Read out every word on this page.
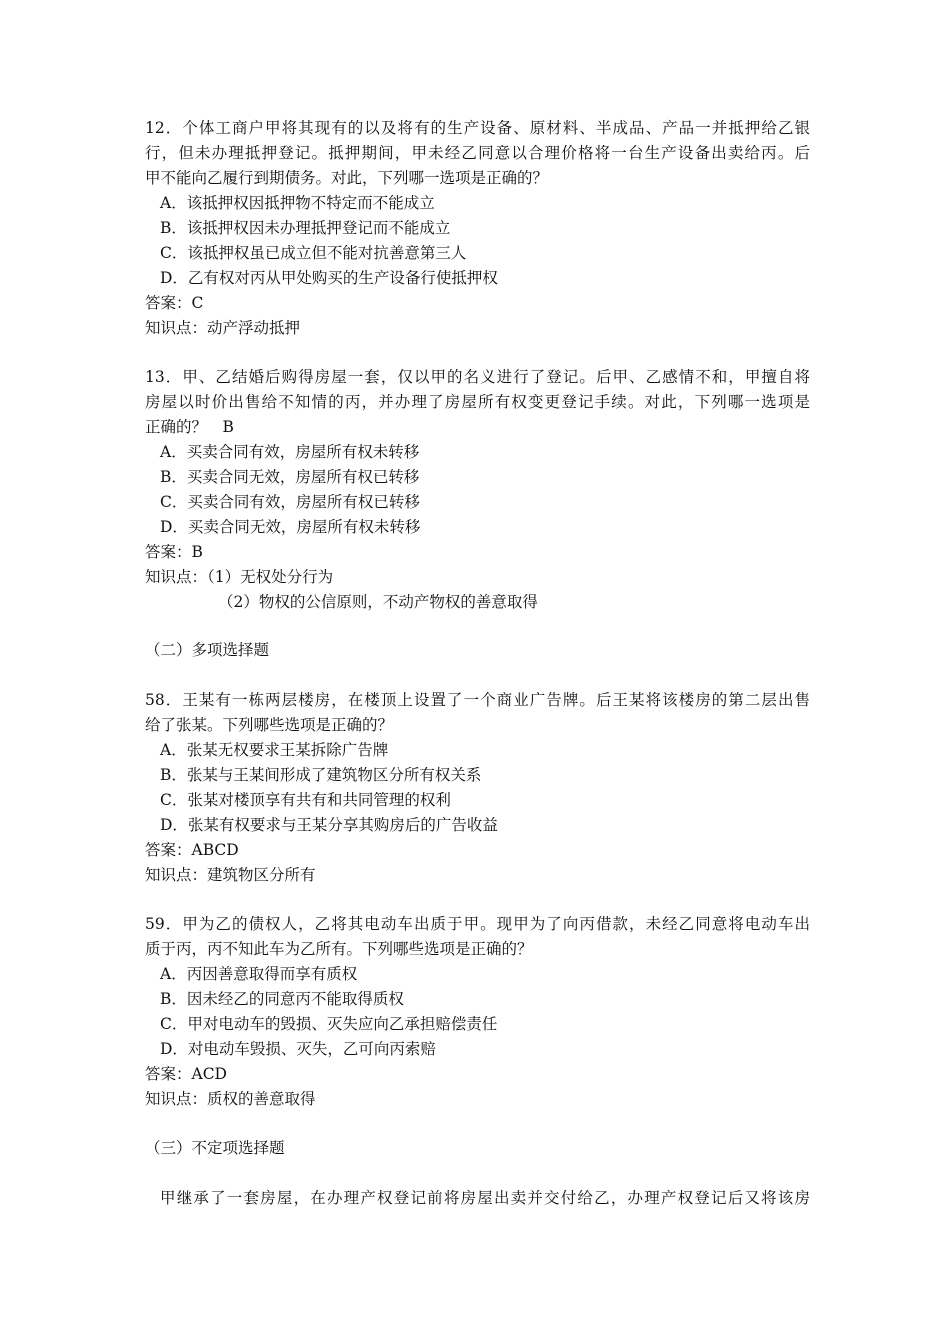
12．个体工商户甲将其现有的以及将有的生产设备、原材料、半成品、产品一并抵押给乙银
行，但未办理抵押登记。抵押期间，甲未经乙同意以合理价格将一台生产设备出卖给丙。后
甲不能向乙履行到期债务。对此，下列哪一选项是正确的？
A．该抵押权因抵押物不特定而不能成立
B．该抵押权因未办理抵押登记而不能成立
C．该抵押权虽已成立但不能对抗善意第三人
D．乙有权对丙从甲处购买的生产设备行使抵押权
答案：C
知识点：动产浮动抵押
13．甲、乙结婚后购得房屋一套，仅以甲的名义进行了登记。后甲、乙感情不和，甲擅自将
房屋以时价出售给不知情的丙，并办理了房屋所有权变更登记手续。对此，下列哪一选项是
正确的？　B
A．买卖合同有效，房屋所有权未转移
B．买卖合同无效，房屋所有权已转移
C．买卖合同有效，房屋所有权已转移
D．买卖合同无效，房屋所有权未转移
答案：B
知识点：（1）无权处分行为
（2）物权的公信原则，不动产物权的善意取得
（二）多项选择题
58．王某有一栋两层楼房，在楼顶上设置了一个商业广告牌。后王某将该楼房的第二层出售
给了张某。下列哪些选项是正确的？
A．张某无权要求王某拆除广告牌
B．张某与王某间形成了建筑物区分所有权关系
C．张某对楼顶享有共有和共同管理的权利
D．张某有权要求与王某分享其购房后的广告收益
答案：ABCD
知识点：建筑物区分所有
59．甲为乙的债权人，乙将其电动车出质于甲。现甲为了向丙借款，未经乙同意将电动车出
质于丙，丙不知此车为乙所有。下列哪些选项是正确的？
A．丙因善意取得而享有质权
B．因未经乙的同意丙不能取得质权
C．甲对电动车的毁损、灭失应向乙承担赔偿责任
D．对电动车毁损、灭失，乙可向丙索赔
答案：ACD
知识点：质权的善意取得
（三）不定项选择题
甲继承了一套房屋，在办理产权登记前将房屋出卖并交付给乙，办理产权登记后又将该房
